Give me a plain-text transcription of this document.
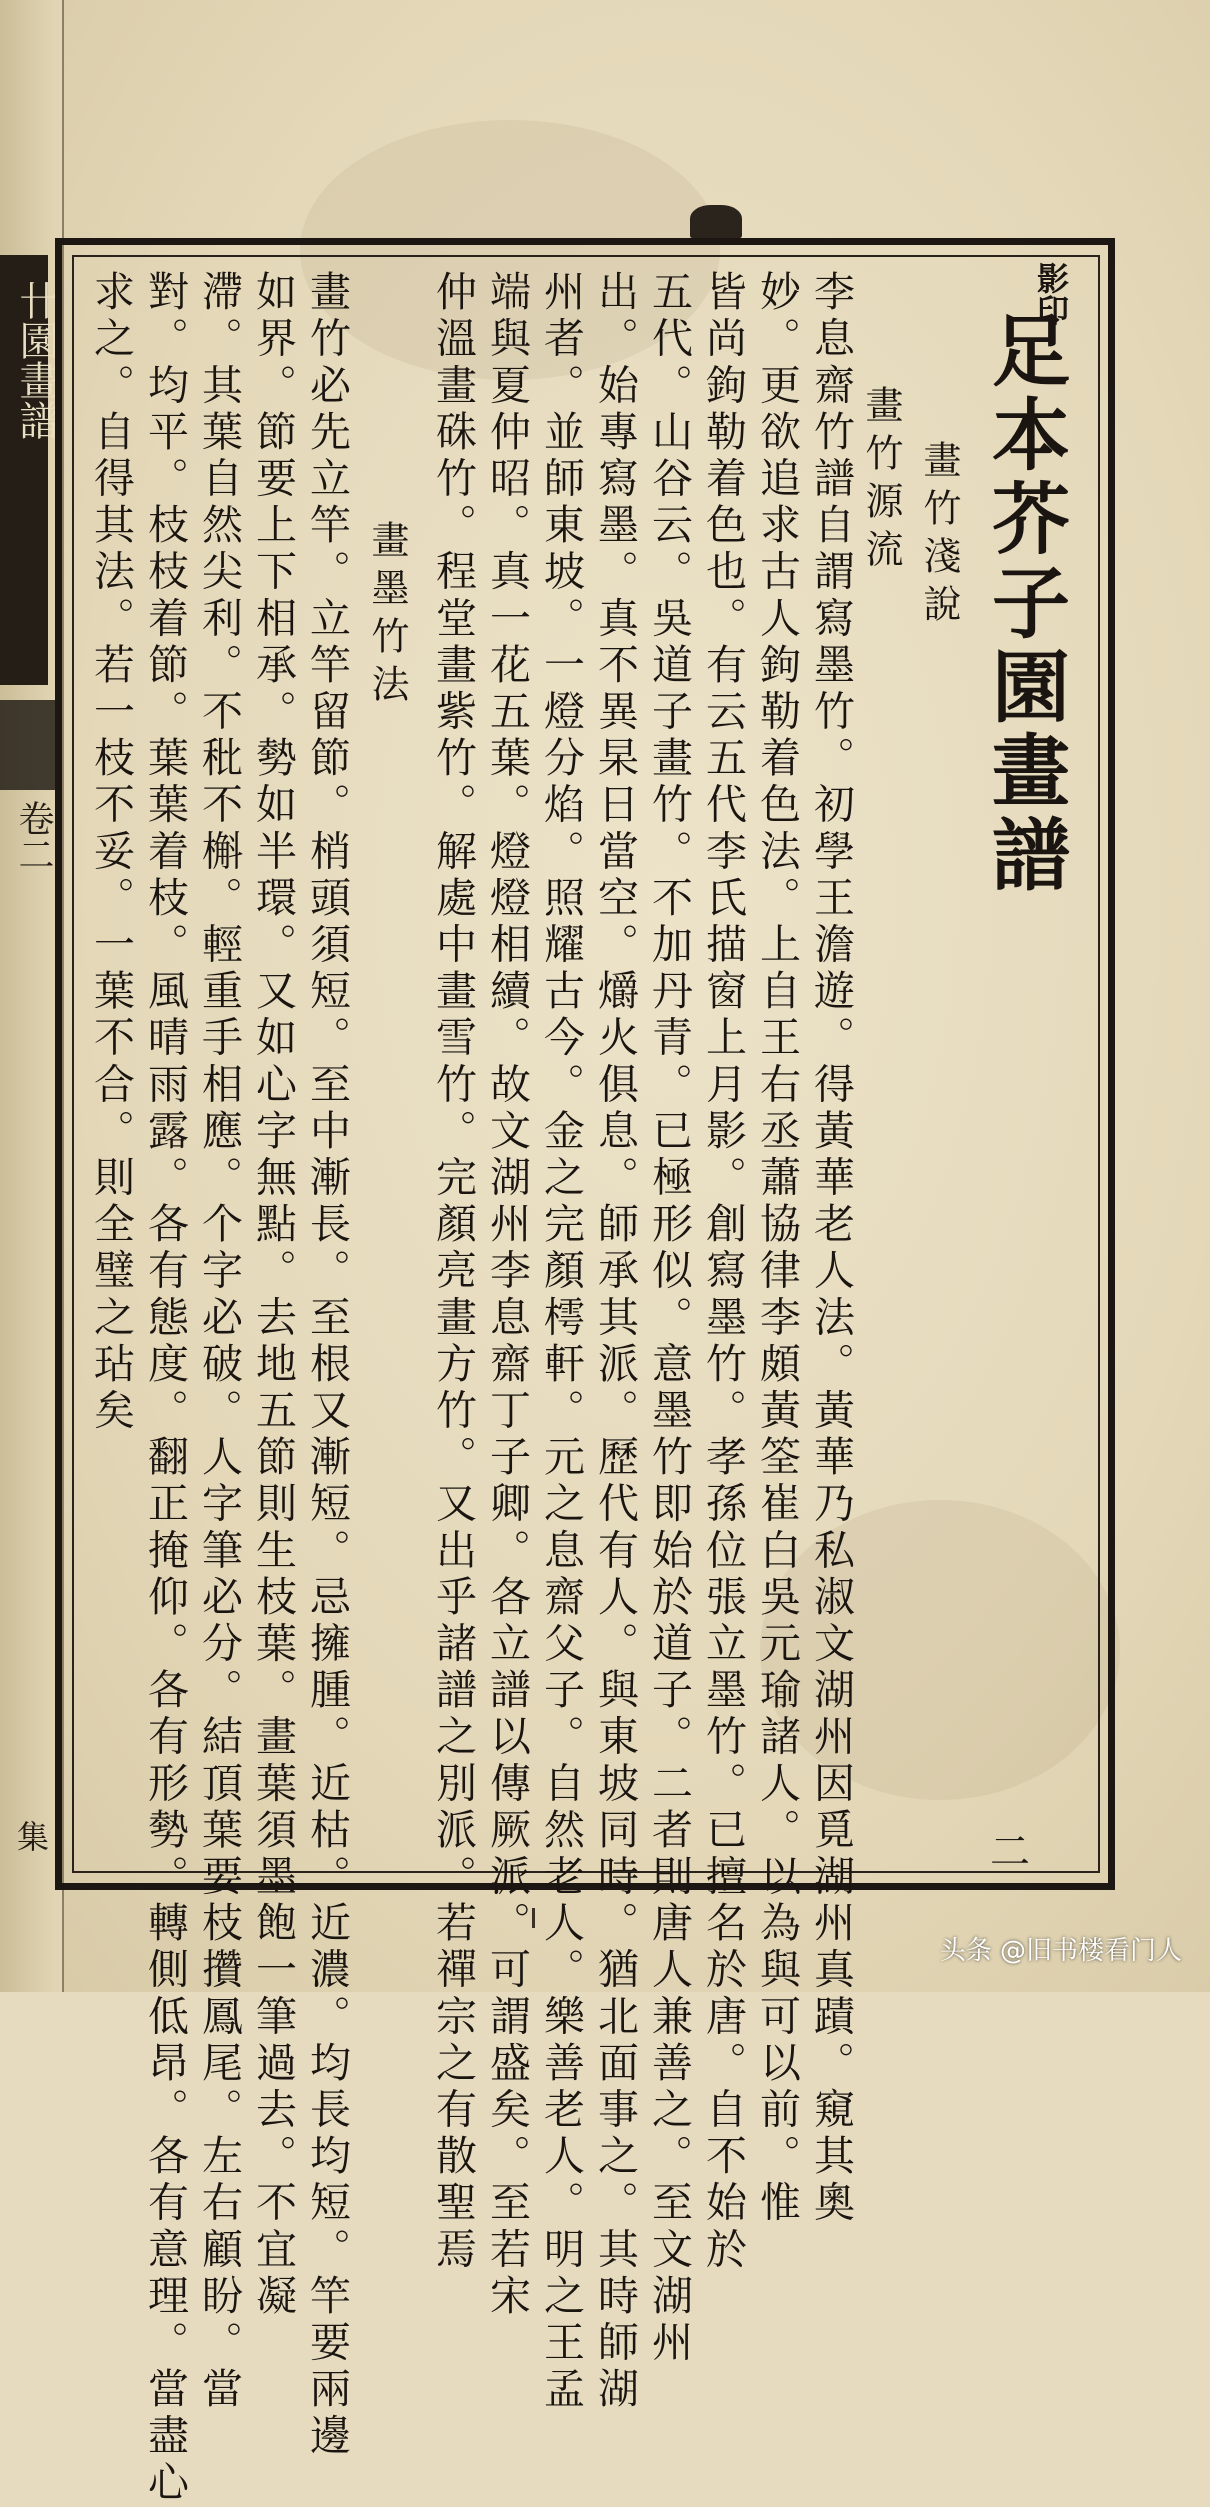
卄園畫譜
卷二
集
影印
足本芥子園畫譜
畫竹淺說
畫竹源流
李息齋竹譜自謂寫墨竹。初學王澹遊。得黃華老人法。黃華乃私淑文湖州因覓湖州真蹟。窺其奧
妙。更欲追求古人鉤勒着色法。上自王右丞蕭協律李頗黃筌崔白吳元瑜諸人。以為與可以前。惟
皆尚鉤勒着色也。有云五代李氏描窗上月影。創寫墨竹。孝孫位張立墨竹。已擅名於唐。自不始於
五代。山谷云。吳道子畫竹。不加丹青。已極形似。意墨竹即始於道子。二者則唐人兼善之。至文湖州
出。始專寫墨。真不異杲日當空。爝火俱息。師承其派。歷代有人。與東坡同時。猶北面事之。其時師湖
州者。並師東坡。一燈分焰。照耀古今。金之完顏樗軒。元之息齋父子。自然老人。樂善老人。明之王孟
端與夏仲昭。真一花五葉。燈燈相續。故文湖州李息齋丁子卿。各立譜以傳厥派。可謂盛矣。至若宋
仲溫畫硃竹。程堂畫紫竹。解處中畫雪竹。完顏亮畫方竹。又出乎諸譜之別派。若禪宗之有散聖焉
畫墨竹法
畫竹必先立竿。立竿留節。梢頭須短。至中漸長。至根又漸短。忌擁腫。近枯。近濃。均長均短。竿要兩邊
如界。節要上下相承。勢如半環。又如心字無點。去地五節則生枝葉。畫葉須墨飽一筆過去。不宜凝
滯。其葉自然尖利。不秕不槲。輕重手相應。个字必破。人字筆必分。結頂葉要枝攢鳳尾。左右顧盼。當
對。均平。枝枝着節。葉葉着枝。風晴雨露。各有態度。翻正掩仰。各有形勢。轉側低昂。各有意理。當盡心
求之。自得其法。若一枝不妥。一葉不合。則全璧之玷矣
二
头条 @旧书楼看门人
